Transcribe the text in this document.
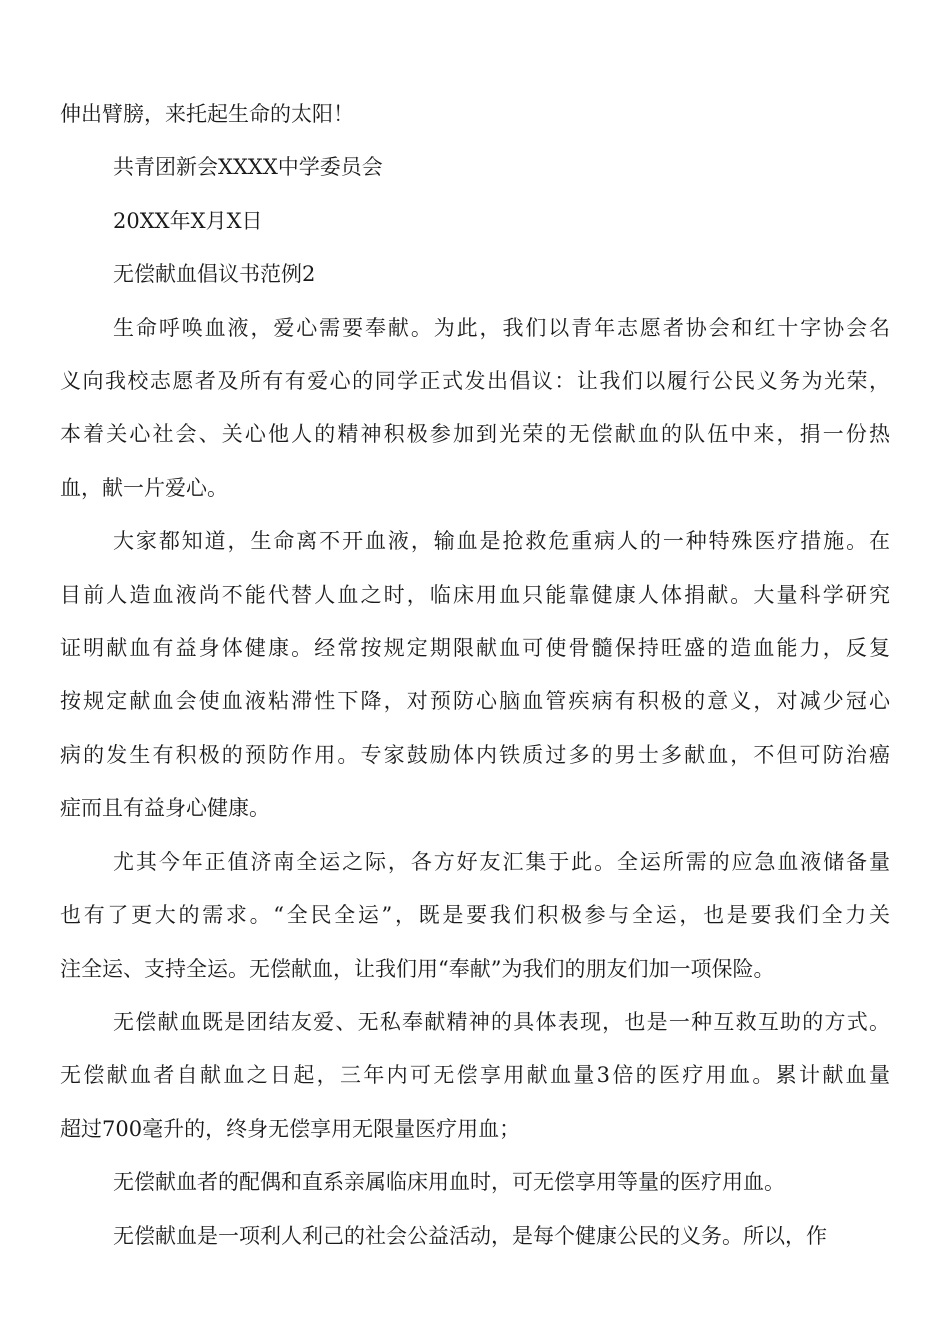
伸出臂膀，来托起生命的太阳！

共青团新会XXXX中学委员会

20XX年X月X日

无偿献血倡议书范例2

生命呼唤血液，爱心需要奉献。为此，我们以青年志愿者协会和红十字协会名

义向我校志愿者及所有有爱心的同学正式发出倡议：让我们以履行公民义务为光荣，

本着关心社会、关心他人的精神积极参加到光荣的无偿献血的队伍中来，捐一份热

血，献一片爱心。

大家都知道，生命离不开血液，输血是抢救危重病人的一种特殊医疗措施。在

目前人造血液尚不能代替人血之时，临床用血只能靠健康人体捐献。大量科学研究

证明献血有益身体健康。经常按规定期限献血可使骨髓保持旺盛的造血能力，反复

按规定献血会使血液粘滞性下降，对预防心脑血管疾病有积极的意义，对减少冠心

病的发生有积极的预防作用。专家鼓励体内铁质过多的男士多献血，不但可防治癌

症而且有益身心健康。

尤其今年正值济南全运之际，各方好友汇集于此。全运所需的应急血液储备量

也有了更大的需求。“全民全运”，既是要我们积极参与全运，也是要我们全力关

注全运、支持全运。无偿献血，让我们用“奉献”为我们的朋友们加一项保险。

无偿献血既是团结友爱、无私奉献精神的具体表现，也是一种互救互助的方式。

无偿献血者自献血之日起，三年内可无偿享用献血量3倍的医疗用血。累计献血量

超过700毫升的，终身无偿享用无限量医疗用血；

无偿献血者的配偶和直系亲属临床用血时，可无偿享用等量的医疗用血。

无偿献血是一项利人利己的社会公益活动，是每个健康公民的义务。所以，作
